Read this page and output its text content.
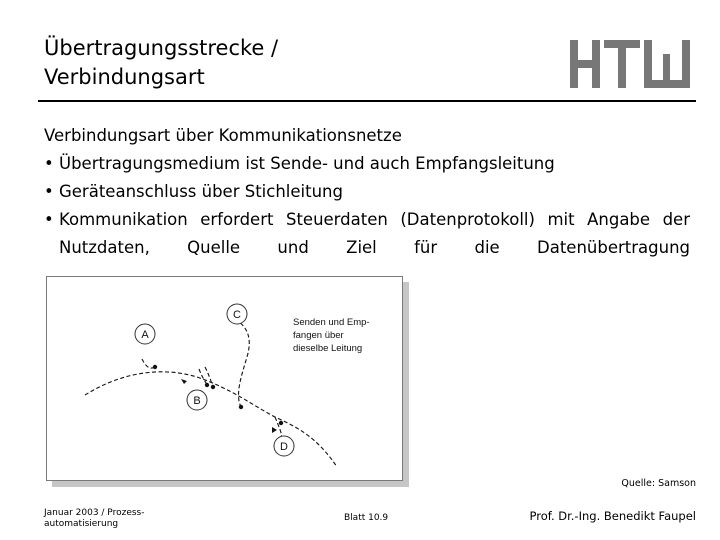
Übertragungsstrecke /
Verbindungsart

Verbindungsart über Kommunikationsnetze

• Übertragungsmedium ist Sende- und auch Empfangsleitung
• Geräteanschluss über Stichleitung
• Kommunikation erfordert Steuerdaten (Datenprotokoll) mit Angabe der Nutzdaten, Quelle und Ziel für die Datenübertragung
A
C
B
D
Senden und Emp-
fangen über
dieselbe Leitung
Quelle: Samson
Januar 2003 / Prozess-
automatisierung
Blatt 10.9	Prof. Dr.-Ing. Benedikt Faupel
